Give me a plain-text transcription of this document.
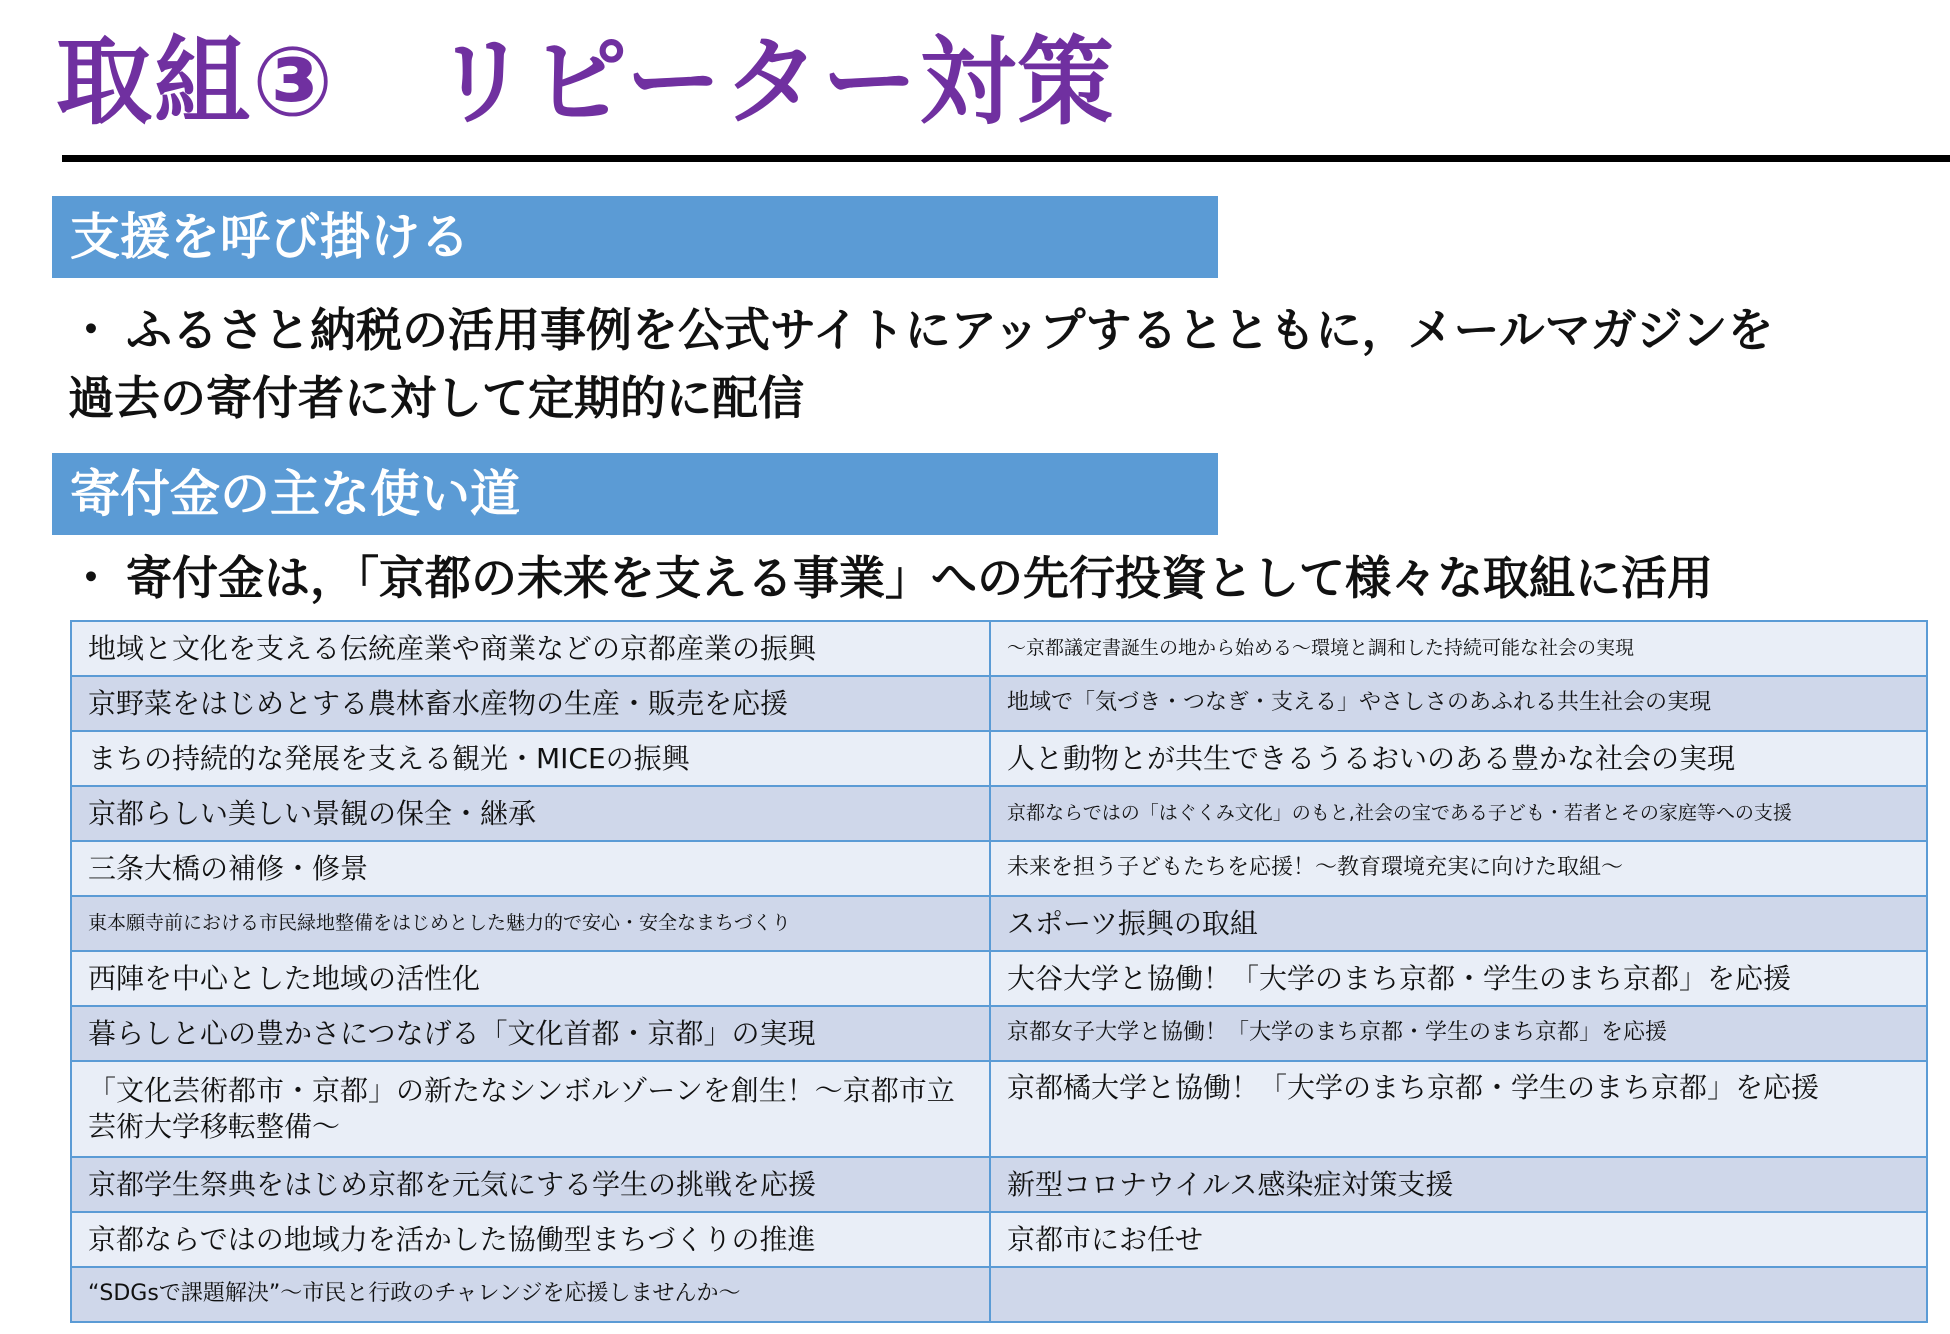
取組③　リピーター対策
支援を呼び掛ける

・ ふるさと納税の活用事例を公式サイトにアップするとともに，メールマガジンを
過去の寄付者に対して定期的に配信

寄付金の主な使い道

・ 寄付金は，「京都の未来を支える事業」への先行投資として様々な取組に活用

地域と文化を支える伝統産業や商業などの京都産業の振興	～京都議定書誕生の地から始める～環境と調和した持続可能な社会の実現
京野菜をはじめとする農林畜水産物の生産・販売を応援	地域で「気づき・つなぎ・支える」やさしさのあふれる共生社会の実現
まちの持続的な発展を支える観光・MICEの振興	人と動物とが共生できるうるおいのある豊かな社会の実現
京都らしい美しい景観の保全・継承	京都ならではの「はぐくみ文化」のもと,社会の宝である子ども・若者とその家庭等への支援
三条大橋の補修・修景	未来を担う子どもたちを応援！～教育環境充実に向けた取組～
東本願寺前における市民緑地整備をはじめとした魅力的で安心・安全なまちづくり	スポーツ振興の取組
西陣を中心とした地域の活性化	大谷大学と協働！「大学のまち京都・学生のまち京都」を応援
暮らしと心の豊かさにつなげる「文化首都・京都」の実現	京都女子大学と協働！「大学のまち京都・学生のまち京都」を応援
「文化芸術都市・京都」の新たなシンボルゾーンを創生！～京都市立芸術大学移転整備～	京都橘大学と協働！「大学のまち京都・学生のまち京都」を応援
京都学生祭典をはじめ京都を元気にする学生の挑戦を応援	新型コロナウイルス感染症対策支援
京都ならではの地域力を活かした協働型まちづくりの推進	京都市にお任せ
“SDGsで課題解決”～市民と行政のチャレンジを応援しませんか～	
